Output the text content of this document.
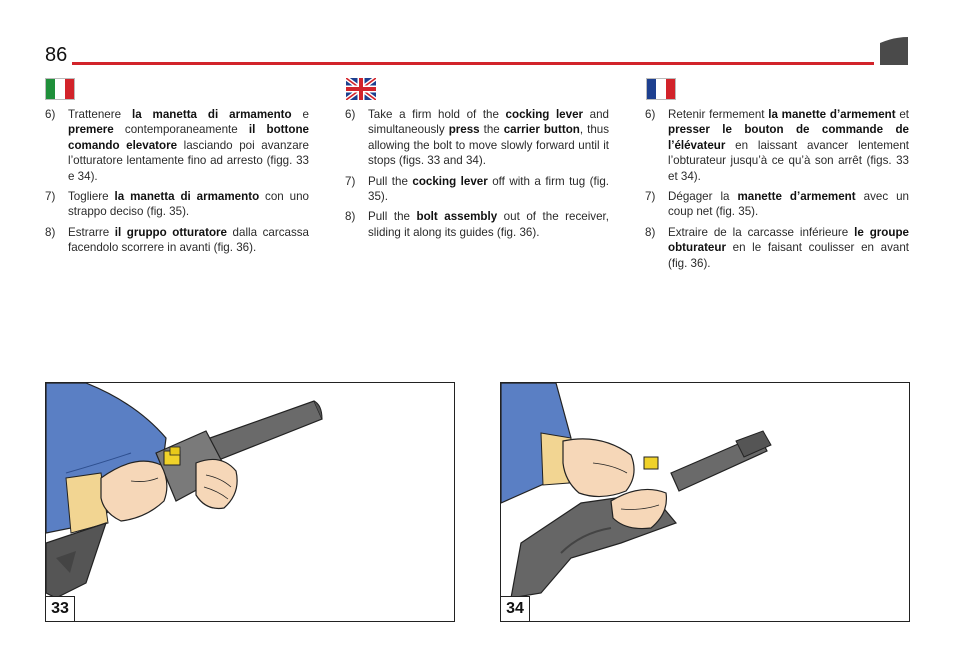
86
6) Trattenere la manetta di armamento e premere contemporaneamente il bottone comando elevatore lasciando poi avanzare l’otturatore lentamente fino ad arresto (figg. 33 e 34).
7) Togliere la manetta di armamento con uno strappo deciso (fig. 35).
8) Estrarre il gruppo otturatore dalla carcassa facendolo scorrere in avanti (fig. 36).
6) Take a firm hold of the cocking lever and simultaneously press the carrier button, thus allowing the bolt to move slowly forward until it stops (figs. 33 and 34).
7) Pull the cocking lever off with a firm tug (fig. 35).
8) Pull the bolt assembly out of the receiver, sliding it along its guides (fig. 36).
6) Retenir fermement la manette d’armement et presser le bouton de commande de l’élévateur en laissant avancer lentement l’obturateur jusqu’à ce qu’à son arrêt (figs. 33 et 34).
7) Dégager la manette d’armement avec un coup net (fig. 35).
8) Extraire de la carcasse inférieure le groupe obturateur en le faisant coulisser en avant (fig. 36).
33	34
